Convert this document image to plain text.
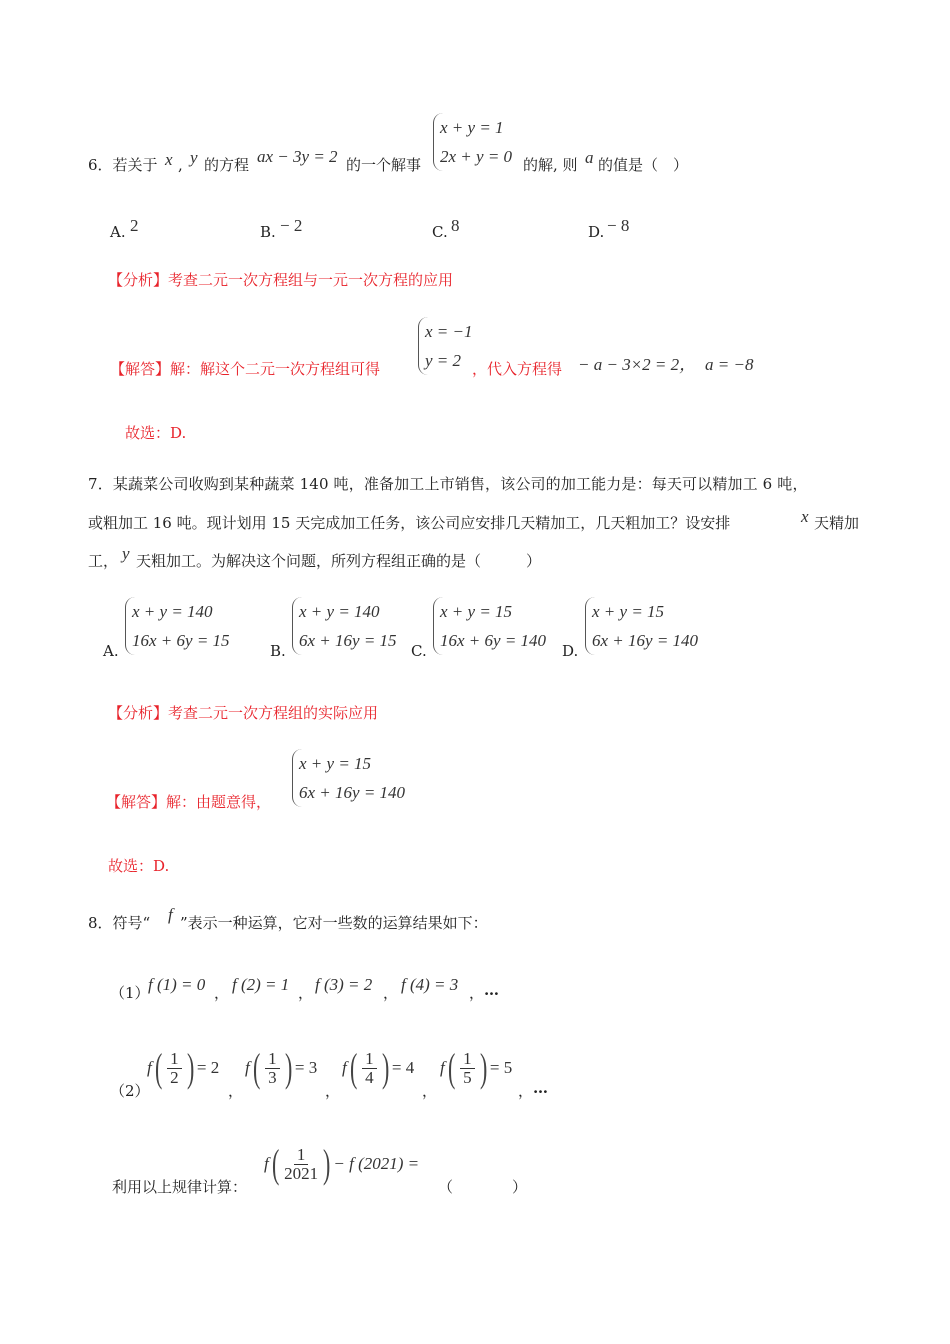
6．若关于 x , y 的方程 ax − 3y = 2 的一个解事
x + y = 1
2x + y = 0 的解, 则 a 的值是（　）
A. 2	B. − 2	C. 8	D. − 8
【分析】考查二元一次方程组与一元一次方程的应用
【解答】解：解这个二元一次方程组可得
x = −1
y = 2 ，代入方程得 − a − 3×2 = 2， a = −8
故选：D.
7．某蔬菜公司收购到某种蔬菜 140 吨，准备加工上市销售，该公司的加工能力是：每天可以精加工 6 吨，
或粗加工 16 吨。现计划用 15 天完成加工任务，该公司应安排几天精加工，几天粗加工？设安排	x 天精加
工， y 天粗加工。为解决这个问题，所列方程组正确的是（　　　）
A.
x + y = 140
16x + 6y = 15
B.
x + y = 140
6x + 16y = 15
C.
x + y = 15
16x + 6y = 140
D.
x + y = 15
6x + 16y = 140
【分析】考查二元一次方程组的实际应用
【解答】解：由题意得，
x + y = 15
6x + 16y = 140
故选：D.
8．符号“ f ”表示一种运算，它对一些数的运算结果如下：
（1）
f (1) = 0 ， f (2) = 1 ， f (3) = 2 ， f (4) = 3 ， …
（2）
f ( $\frac{1}{2}$ ) = 2
，
f ( $\frac{1}{3}$ ) = 3
，
f ( $\frac{1}{4}$ ) = 4
，
f ( $\frac{1}{5}$ ) = 5
， …
利用以上规律计算：
f ( $\frac{1}{2021}$ ) − f (2021) =
（	）
